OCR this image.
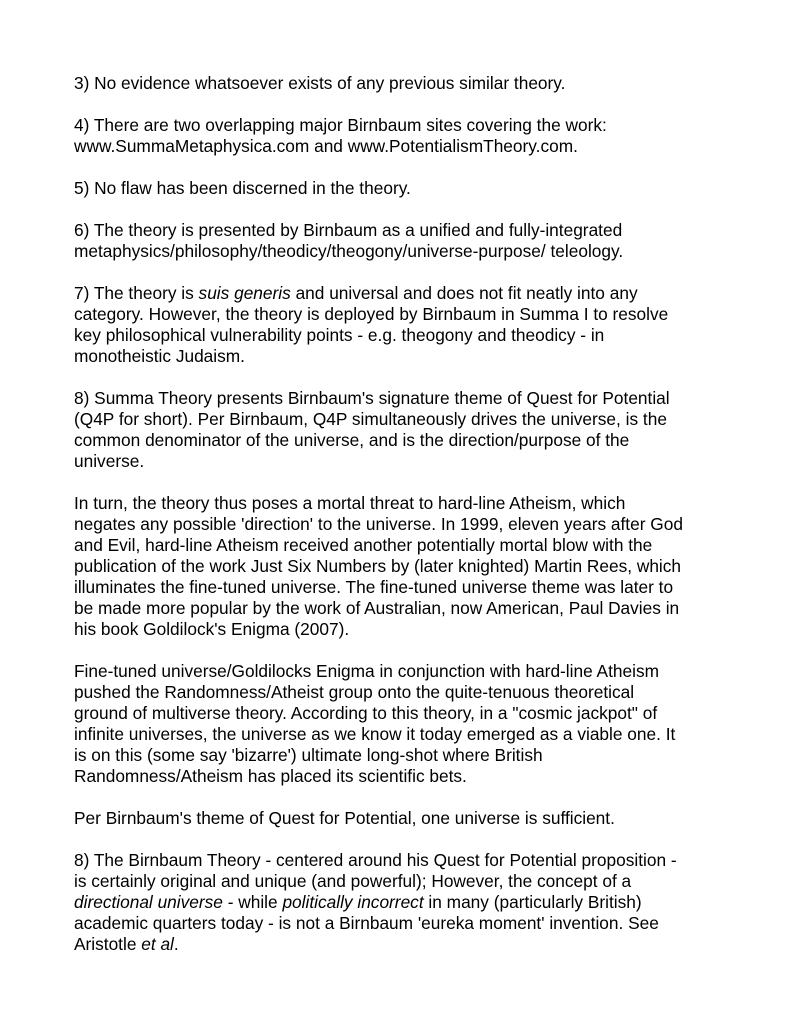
3) No evidence whatsoever exists of any previous similar theory.

4) There are two overlapping major Birnbaum sites covering the work:
www.SummaMetaphysica.com and www.PotentialismTheory.com.

5) No flaw has been discerned in the theory.

6) The theory is presented by Birnbaum as a unified and fully-integrated
metaphysics/philosophy/theodicy/theogony/universe-purpose/ teleology.

7) The theory is suis generis and universal and does not fit neatly into any
category. However, the theory is deployed by Birnbaum in Summa I to resolve
key philosophical vulnerability points - e.g. theogony and theodicy - in
monotheistic Judaism.

8) Summa Theory presents Birnbaum's signature theme of Quest for Potential
(Q4P for short). Per Birnbaum, Q4P simultaneously drives the universe, is the
common denominator of the universe, and is the direction/purpose of the
universe.

In turn, the theory thus poses a mortal threat to hard-line Atheism, which
negates any possible 'direction' to the universe. In 1999, eleven years after God
and Evil, hard-line Atheism received another potentially mortal blow with the
publication of the work Just Six Numbers by (later knighted) Martin Rees, which
illuminates the fine-tuned universe. The fine-tuned universe theme was later to
be made more popular by the work of Australian, now American, Paul Davies in
his book Goldilock's Enigma (2007).

Fine-tuned universe/Goldilocks Enigma in conjunction with hard-line Atheism
pushed the Randomness/Atheist group onto the quite-tenuous theoretical
ground of multiverse theory. According to this theory, in a "cosmic jackpot" of
infinite universes, the universe as we know it today emerged as a viable one. It
is on this (some say 'bizarre') ultimate long-shot where British
Randomness/Atheism has placed its scientific bets.

Per Birnbaum's theme of Quest for Potential, one universe is sufficient.

8) The Birnbaum Theory - centered around his Quest for Potential proposition -
is certainly original and unique (and powerful); However, the concept of a
directional universe - while politically incorrect in many (particularly British)
academic quarters today - is not a Birnbaum 'eureka moment' invention. See
Aristotle et al.
